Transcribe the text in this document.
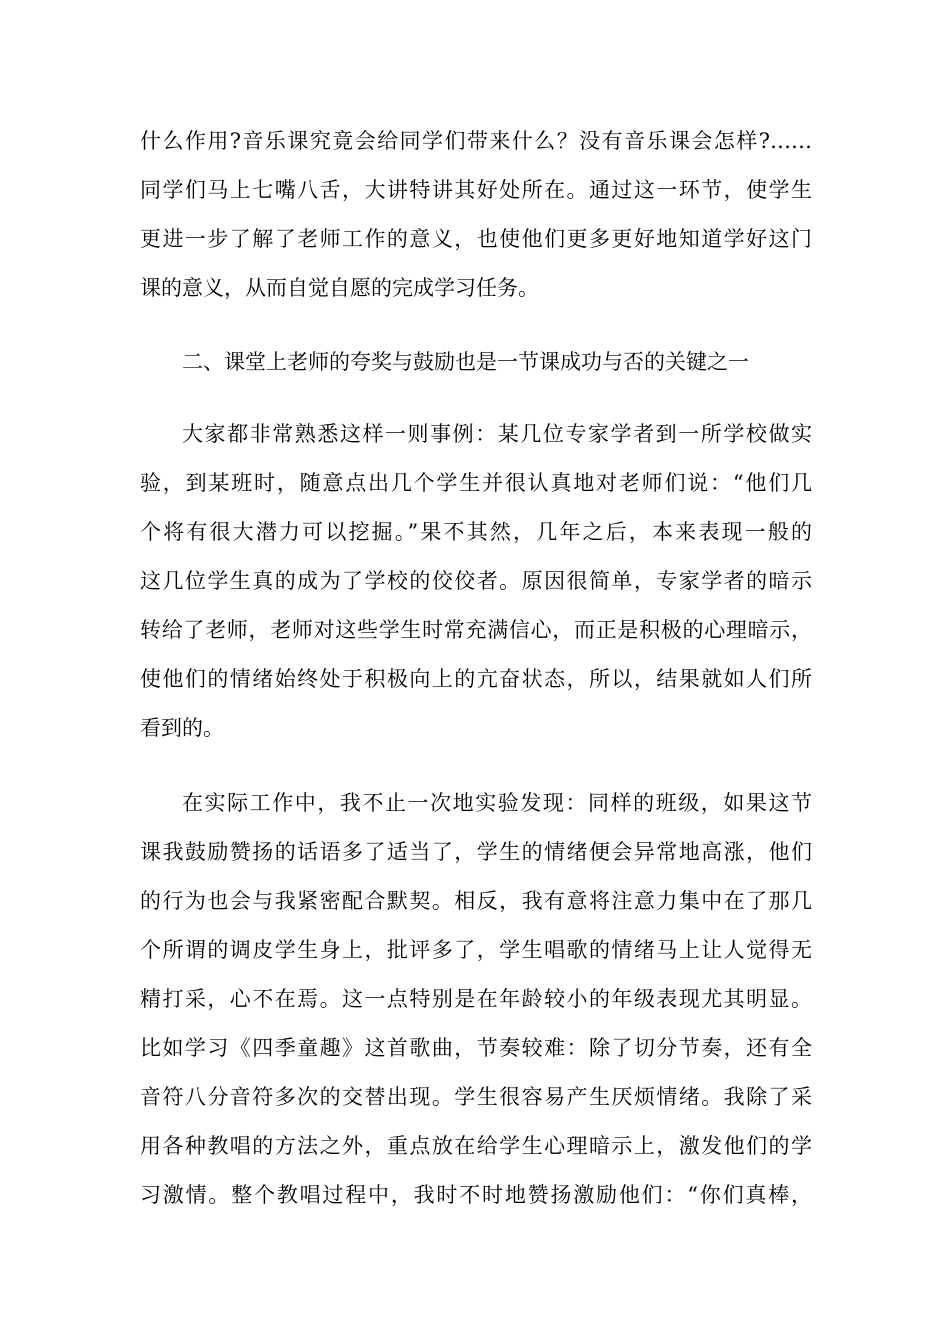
什么作用?音乐课究竟会给同学们带来什么？没有音乐课会怎样?……
同学们马上七嘴八舌，大讲特讲其好处所在。通过这一环节，使学生
更进一步了解了老师工作的意义，也使他们更多更好地知道学好这门
课的意义，从而自觉自愿的完成学习任务。
二、课堂上老师的夸奖与鼓励也是一节课成功与否的关键之一
大家都非常熟悉这样一则事例：某几位专家学者到一所学校做实
验，到某班时，随意点出几个学生并很认真地对老师们说：“他们几
个将有很大潜力可以挖掘。”果不其然，几年之后，本来表现一般的
这几位学生真的成为了学校的佼佼者。原因很简单，专家学者的暗示
转给了老师，老师对这些学生时常充满信心，而正是积极的心理暗示，
使他们的情绪始终处于积极向上的亢奋状态，所以，结果就如人们所
看到的。
在实际工作中，我不止一次地实验发现：同样的班级，如果这节
课我鼓励赞扬的话语多了适当了，学生的情绪便会异常地高涨，他们
的行为也会与我紧密配合默契。相反，我有意将注意力集中在了那几
个所谓的调皮学生身上，批评多了，学生唱歌的情绪马上让人觉得无
精打采，心不在焉。这一点特别是在年龄较小的年级表现尤其明显。
比如学习《四季童趣》这首歌曲，节奏较难：除了切分节奏，还有全
音符八分音符多次的交替出现。学生很容易产生厌烦情绪。我除了采
用各种教唱的方法之外，重点放在给学生心理暗示上，激发他们的学
习激情。整个教唱过程中，我时不时地赞扬激励他们：“你们真棒，
